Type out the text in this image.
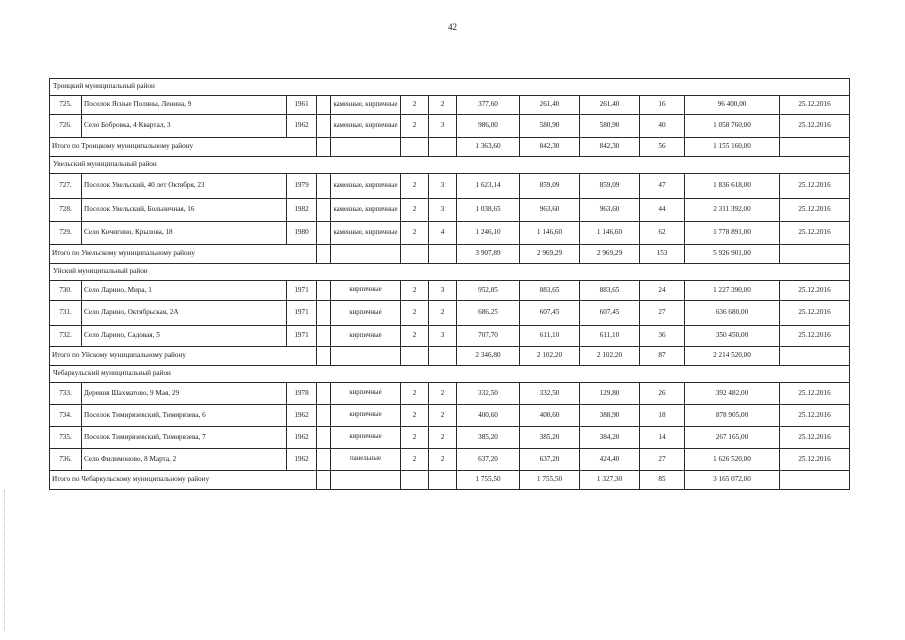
42
Троицкий муниципальный район												
725.	Поселок Ясные Поляны, Ленина, 9	1961		каменные, кирпичные	2	2	377,60	261,40	261,40	16	96 400,00	25.12.2016
726.	Село Бобровка, 4 Квартал, 3	1962		каменные, кирпичные	2	3	986,00	580,90	580,90	40	1 058 760,00	25.12.2016
Итого по Троицкому муниципальному району							1 363,60	842,30	842,30	56	1 155 160,00	
Увельский муниципальный район												
727.	Поселок Увельский, 40 лет Октября, 23	1979		каменные, кирпичные	2	3	1 623,14	859,09	859,09	47	1 836 618,00	25.12.2016
728.	Поселок Увельский, Больничная, 16	1982		каменные, кирпичные	2	3	1 038,65	963,60	963,60	44	2 311 392,00	25.12.2016
729.	Село Кичигино, Крылова, 18	1980		каменные, кирпичные	2	4	1 246,10	1 146,60	1 146,60	62	1 778 891,00	25.12.2016
Итого по Увельскому муниципальному району							3 907,89	2 969,29	2 969,29	153	5 926 901,00	
Уйский муниципальный район												
730.	Село Ларино, Мира, 1	1971		кирпичные	2	3	952,85	883,65	883,65	24	1 227 390,00	25.12.2016
731.	Село Ларино, Октябрьская, 2А	1971		кирпичные	2	2	686,25	607,45	607,45	27	636 680,00	25.12.2016
732.	Село Ларино, Садовая, 5	1971		кирпичные	2	3	707,70	611,10	611,10	36	350 450,00	25.12.2016
Итого по Уйскому муниципальному району							2 346,80	2 102,20	2 102,20	87	2 214 520,00	
Чебаркульский муниципальный район												
733.	Деревня Шахматово, 9 Мая, 29	1978		кирпичные	2	2	332,50	332,50	129,80	26	392 482,00	25.12.2016
734.	Поселок Тимирязевский, Тимирязева, 6	1962		кирпичные	2	2	400,60	400,60	388,90	18	878 905,00	25.12.2016
735.	Поселок Тимирязевский, Тимирязева, 7	1962		кирпичные	2	2	385,20	385,20	384,20	14	267 165,00	25.12.2016
736.	Село Филимоново, 8 Марта, 2	1962		панельные	2	2	637,20	637,20	424,40	27	1 626 520,00	25.12.2016
Итого по Чебаркульскому муниципальному району							1 755,50	1 755,50	1 327,30	85	3 165 072,00	
